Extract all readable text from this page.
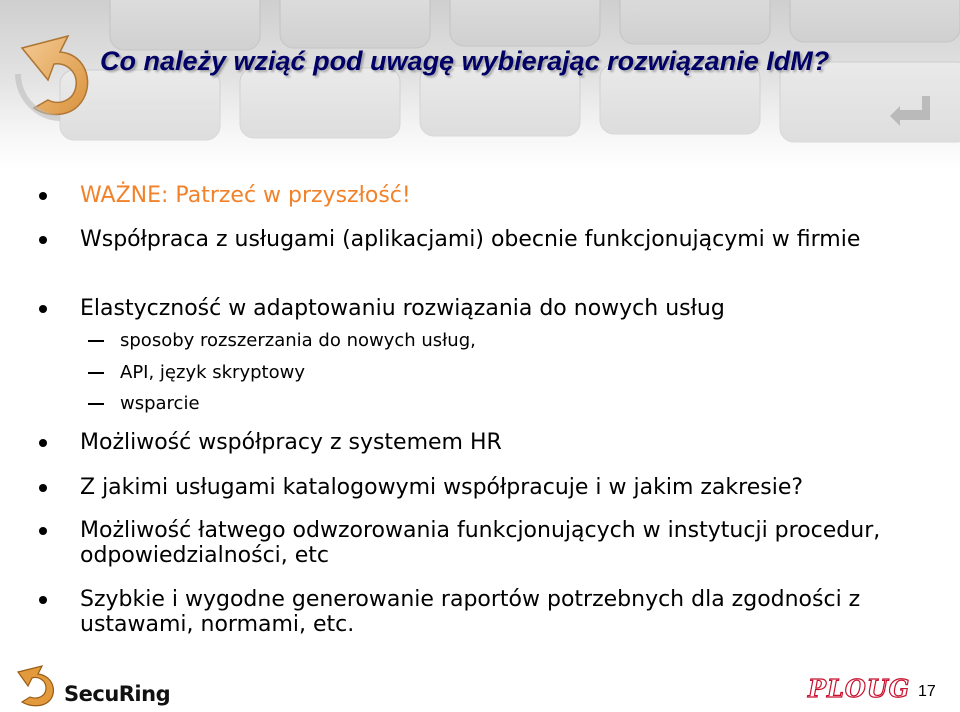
Co należy wziąć pod uwagę wybierając rozwiązanie IdM?
WAŻNE: Patrzeć w przyszłość!
Współpraca z usługami (aplikacjami) obecnie funkcjonującymi w firmie
Elastyczność w adaptowaniu rozwiązania do nowych usług
sposoby rozszerzania do nowych usług,
API, język skryptowy
wsparcie
Możliwość współpracy z systemem HR
Z jakimi usługami katalogowymi współpracuje i w jakim zakresie?
Możliwość łatwego odwzorowania funkcjonujących w instytucji procedur, odpowiedzialności, etc
Szybkie i wygodne generowanie raportów potrzebnych dla zgodności z ustawami, normami, etc.
SecuRing	PLOUG 17
